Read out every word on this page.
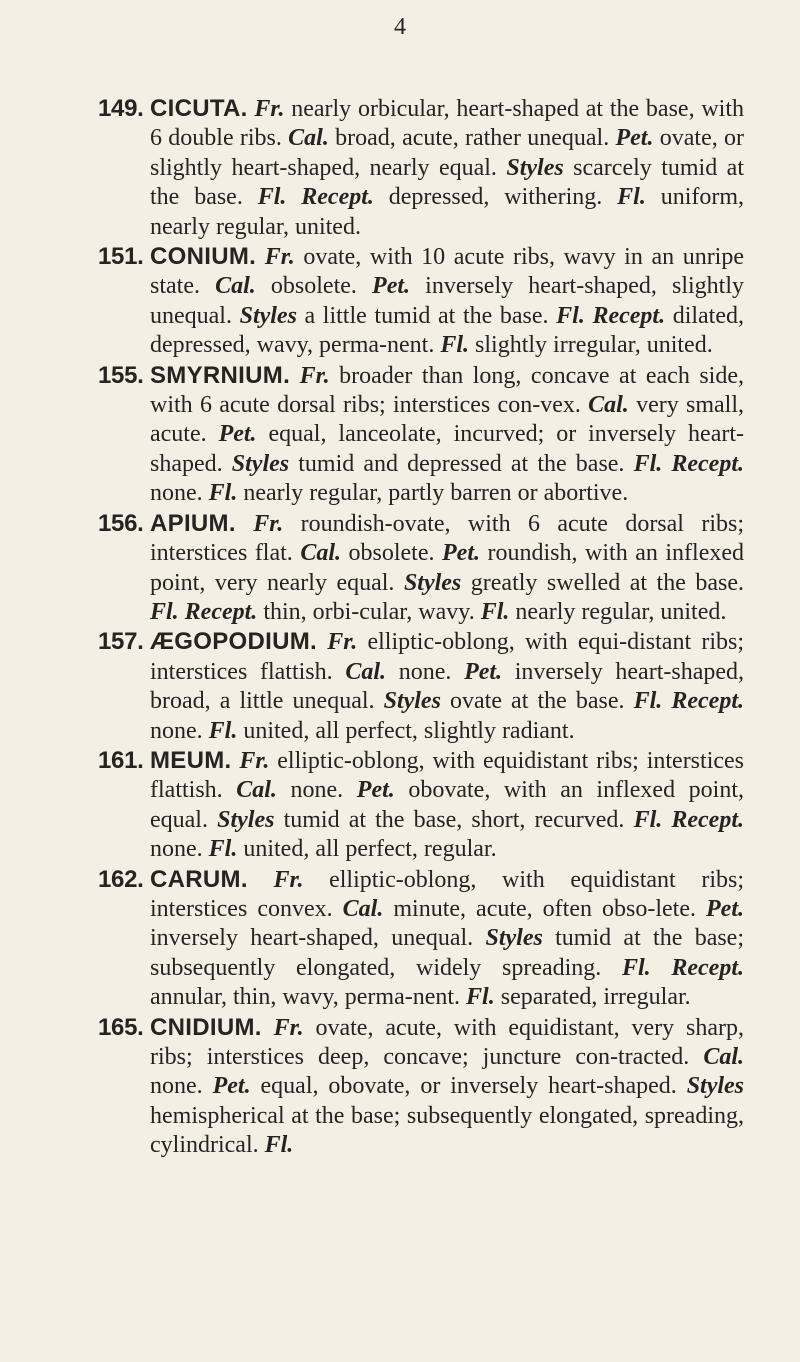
4
149. CICUTA. Fr. nearly orbicular, heart-shaped at the base, with 6 double ribs. Cal. broad, acute, rather unequal. Pet. ovate, or slightly heart-shaped, nearly equal. Styles scarcely tumid at the base. Fl. Recept. depressed, withering. Fl. uniform, nearly regular, united.
151. CONIUM. Fr. ovate, with 10 acute ribs, wavy in an unripe state. Cal. obsolete. Pet. inversely heart-shaped, slightly unequal. Styles a little tumid at the base. Fl. Recept. dilated, depressed, wavy, perma-nent. Fl. slightly irregular, united.
155. SMYRNIUM. Fr. broader than long, concave at each side, with 6 acute dorsal ribs; interstices con-vex. Cal. very small, acute. Pet. equal, lanceolate, incurved; or inversely heart-shaped. Styles tumid and depressed at the base. Fl. Recept. none. Fl. nearly regular, partly barren or abortive.
156. APIUM. Fr. roundish-ovate, with 6 acute dorsal ribs; interstices flat. Cal. obsolete. Pet. roundish, with an inflexed point, very nearly equal. Styles greatly swelled at the base. Fl. Recept. thin, orbi-cular, wavy. Fl. nearly regular, united.
157. ÆGOPODIUM. Fr. elliptic-oblong, with equi-distant ribs; interstices flattish. Cal. none. Pet. inversely heart-shaped, broad, a little unequal. Styles ovate at the base. Fl. Recept. none. Fl. united, all perfect, slightly radiant.
161. MEUM. Fr. elliptic-oblong, with equidistant ribs; interstices flattish. Cal. none. Pet. obovate, with an inflexed point, equal. Styles tumid at the base, short, recurved. Fl. Recept. none. Fl. united, all perfect, regular.
162. CARUM. Fr. elliptic-oblong, with equidistant ribs; interstices convex. Cal. minute, acute, often obso-lete. Pet. inversely heart-shaped, unequal. Styles tumid at the base; subsequently elongated, widely spreading. Fl. Recept. annular, thin, wavy, perma-nent. Fl. separated, irregular.
165. CNIDIUM. Fr. ovate, acute, with equidistant, very sharp, ribs; interstices deep, concave; juncture con-tracted. Cal. none. Pet. equal, obovate, or inversely heart-shaped. Styles hemispherical at the base; subsequently elongated, spreading, cylindrical. Fl.
